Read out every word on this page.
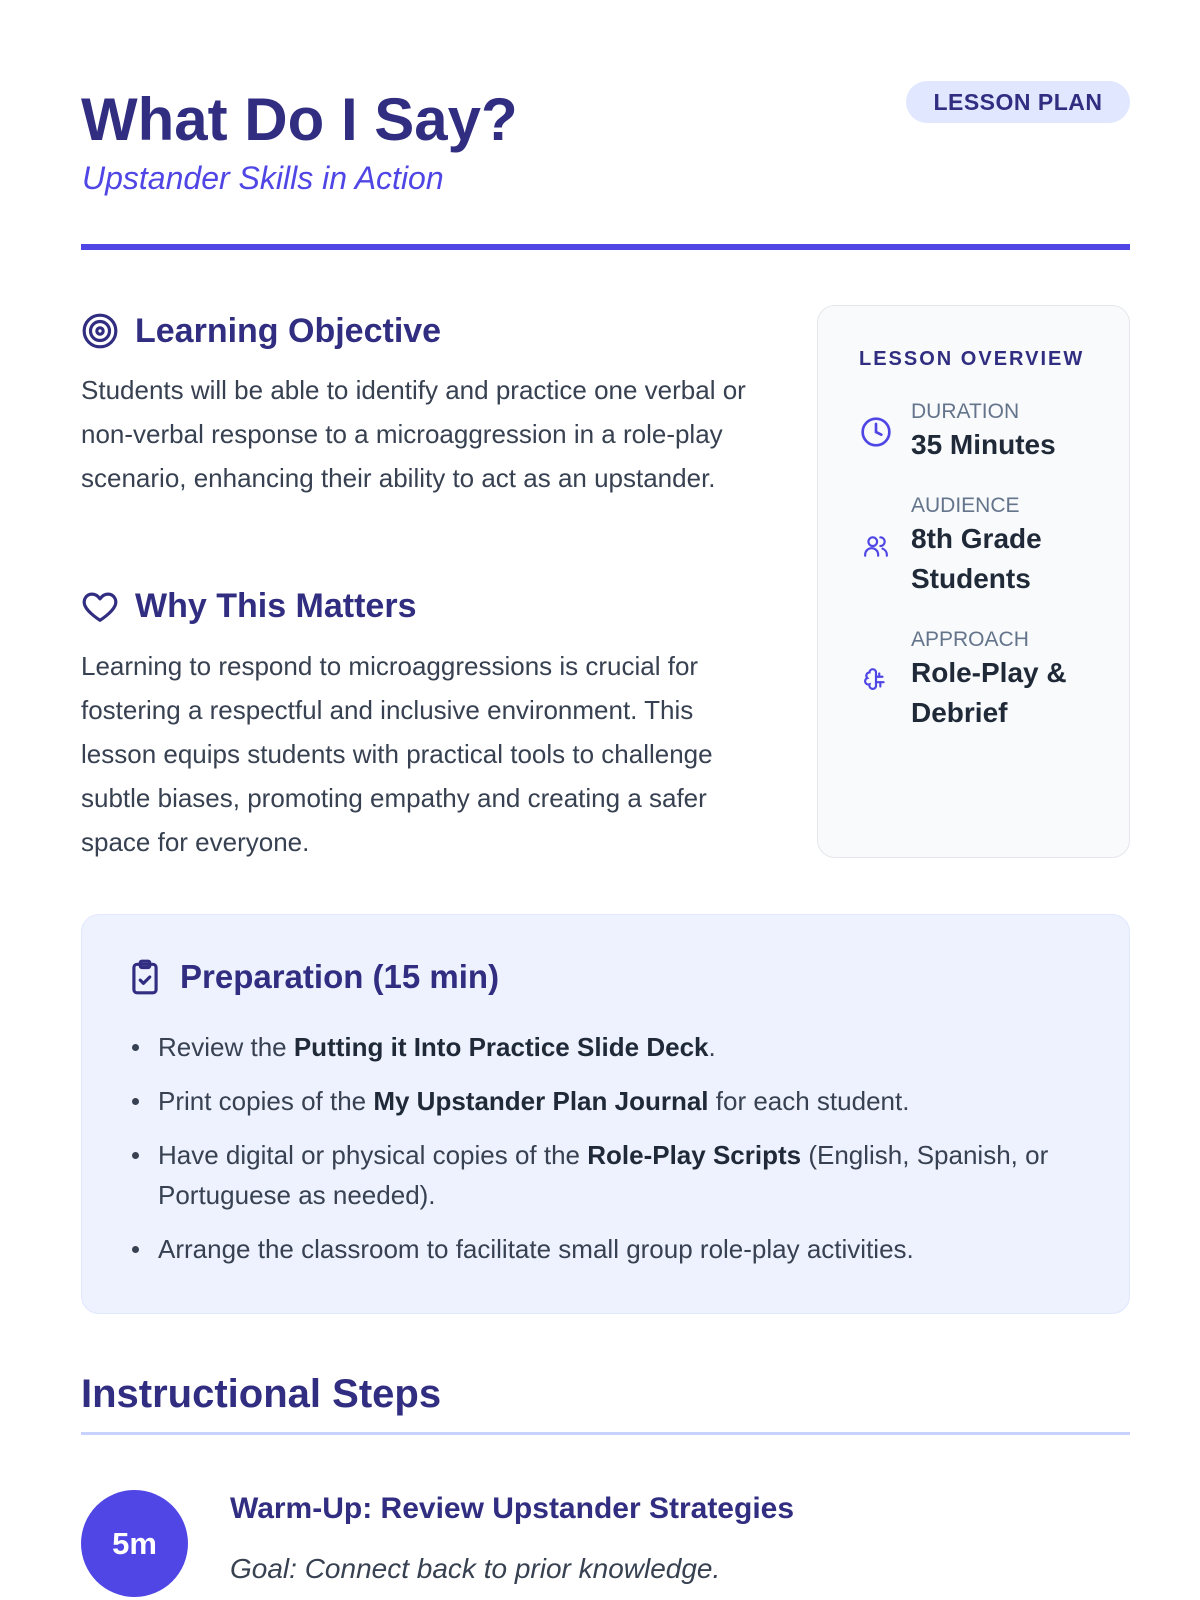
What Do I Say?
Upstander Skills in Action
LESSON PLAN
Learning Objective
Students will be able to identify and practice one verbal or non-verbal response to a microaggression in a role-play scenario, enhancing their ability to act as an upstander.
Why This Matters
Learning to respond to microaggressions is crucial for fostering a respectful and inclusive environment. This lesson equips students with practical tools to challenge subtle biases, promoting empathy and creating a safer space for everyone.
LESSON OVERVIEW
DURATION
35 Minutes
AUDIENCE
8th Grade Students
APPROACH
Role-Play & Debrief
Preparation (15 min)
Review the Putting it Into Practice Slide Deck.
Print copies of the My Upstander Plan Journal for each student.
Have digital or physical copies of the Role-Play Scripts (English, Spanish, or Portuguese as needed).
Arrange the classroom to facilitate small group role-play activities.
Instructional Steps
5m
Warm-Up: Review Upstander Strategies
Goal: Connect back to prior knowledge.
